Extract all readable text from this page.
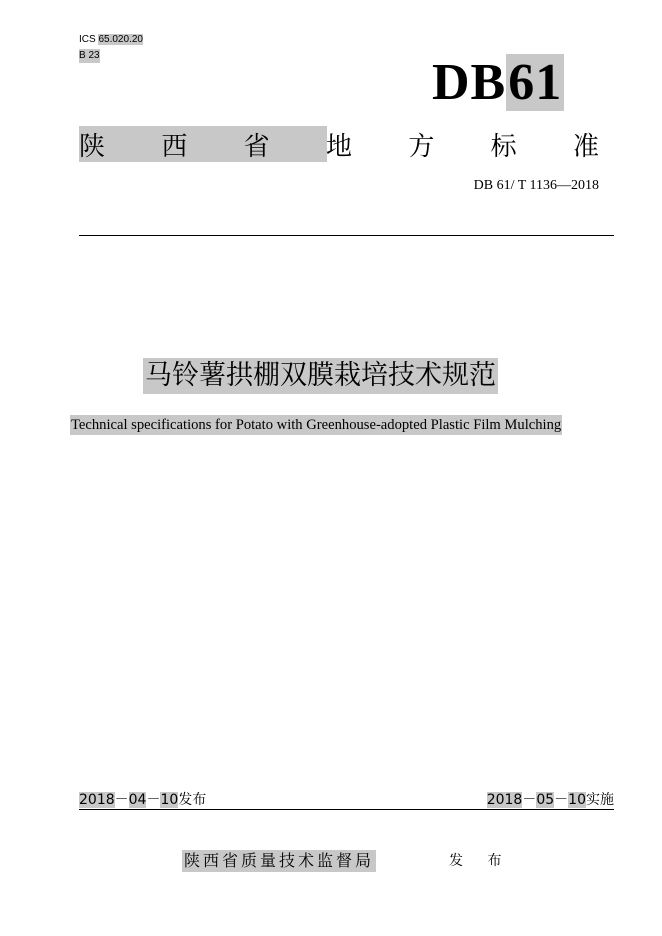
ICS 65.020.20
B 23	DB61
陕 西 省 地 方 标 准
DB 61/ T 1136—2018
马铃薯拱棚双膜栽培技术规范
Technical specifications for Potato with Greenhouse-adopted Plastic Film Mulching
2018－04－10发布	2018－05－10实施
陕西省质量技术监督局	发 布
